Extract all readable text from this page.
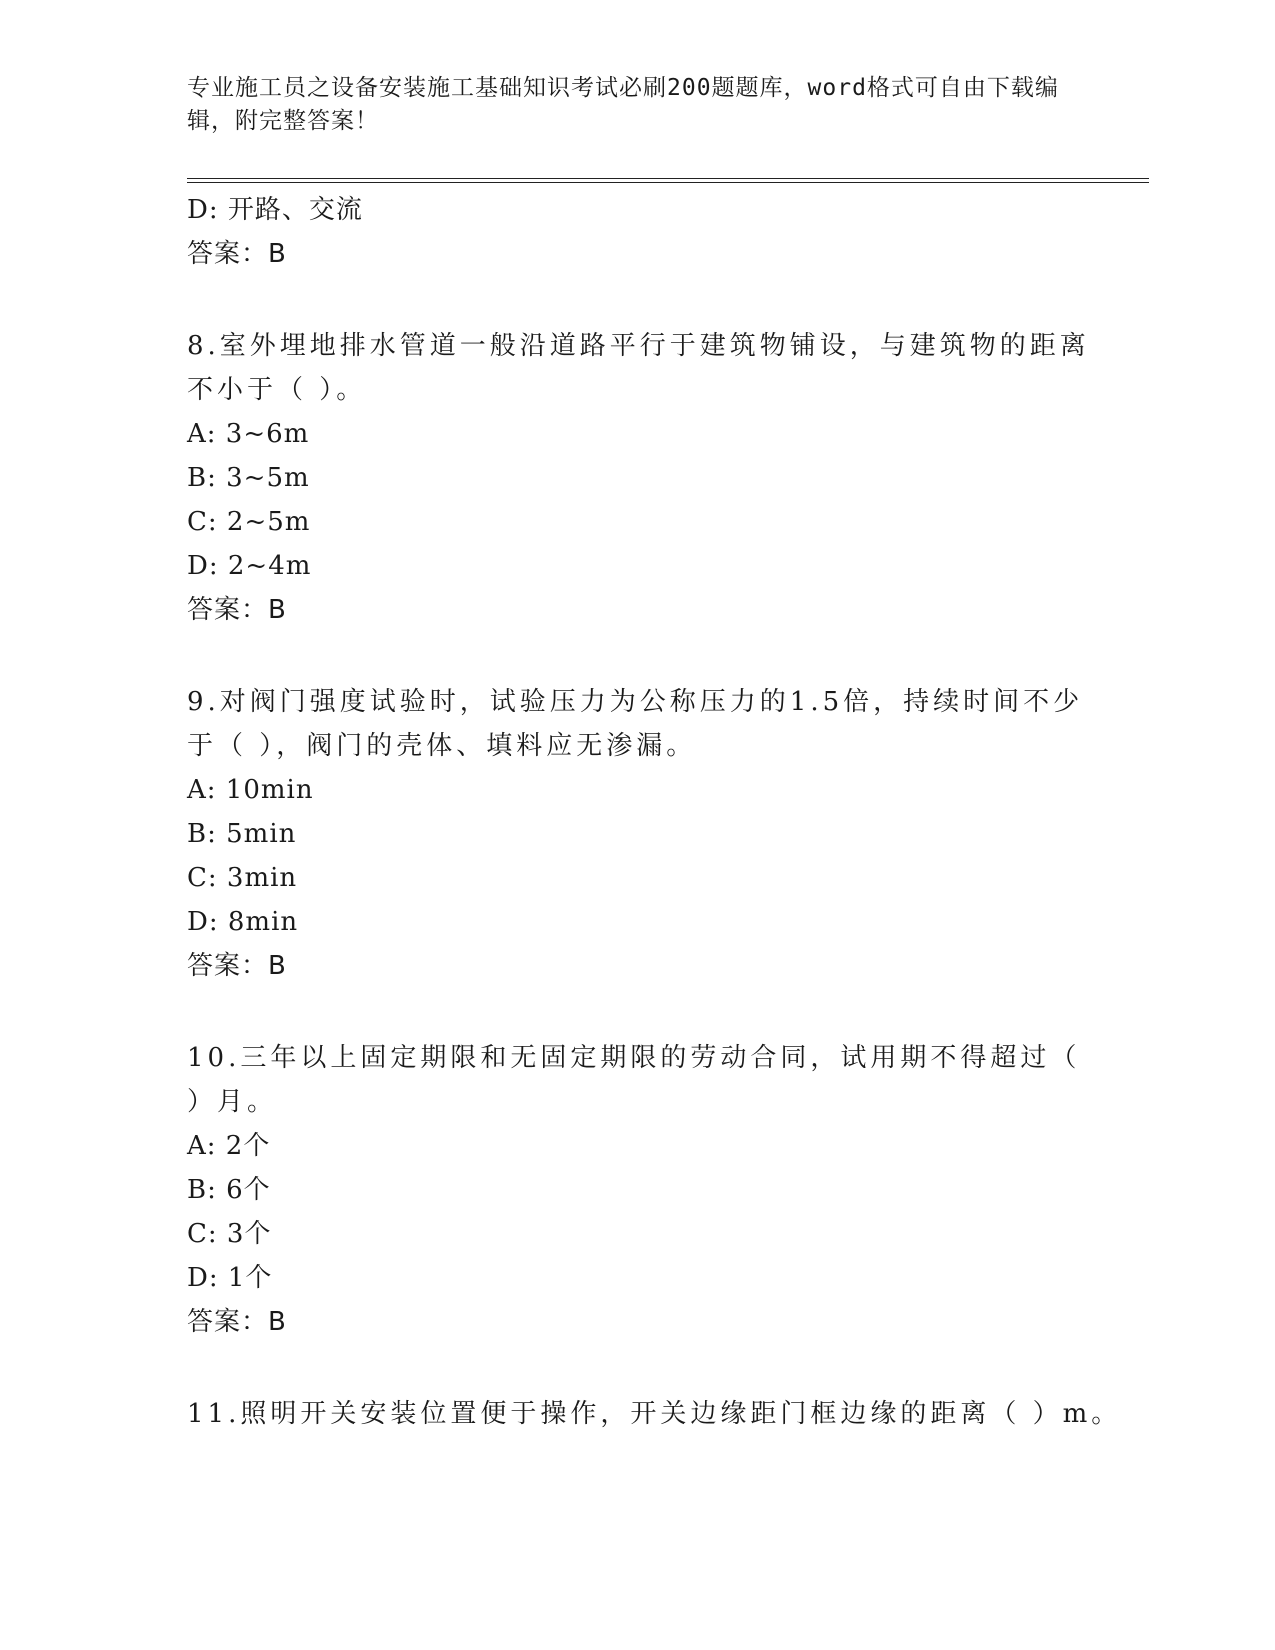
专业施工员之设备安装施工基础知识考试必刷200题题库，word格式可自由下载编辑，附完整答案！
D: 开路、交流
答案：B
8.室外埋地排水管道一般沿道路平行于建筑物铺设，与建筑物的距离
不小于（ ）。
A: 3~6m
B: 3~5m
C: 2~5m
D: 2~4m
答案：B
9.对阀门强度试验时，试验压力为公称压力的1.5倍，持续时间不少
于（ ），阀门的壳体、填料应无渗漏。
A: 10min
B: 5min
C: 3min
D: 8min
答案：B
10.三年以上固定期限和无固定期限的劳动合同，试用期不得超过（
）月。
A: 2个
B: 6个
C: 3个
D: 1个
答案：B
11.照明开关安装位置便于操作，开关边缘距门框边缘的距离（ ）m。
